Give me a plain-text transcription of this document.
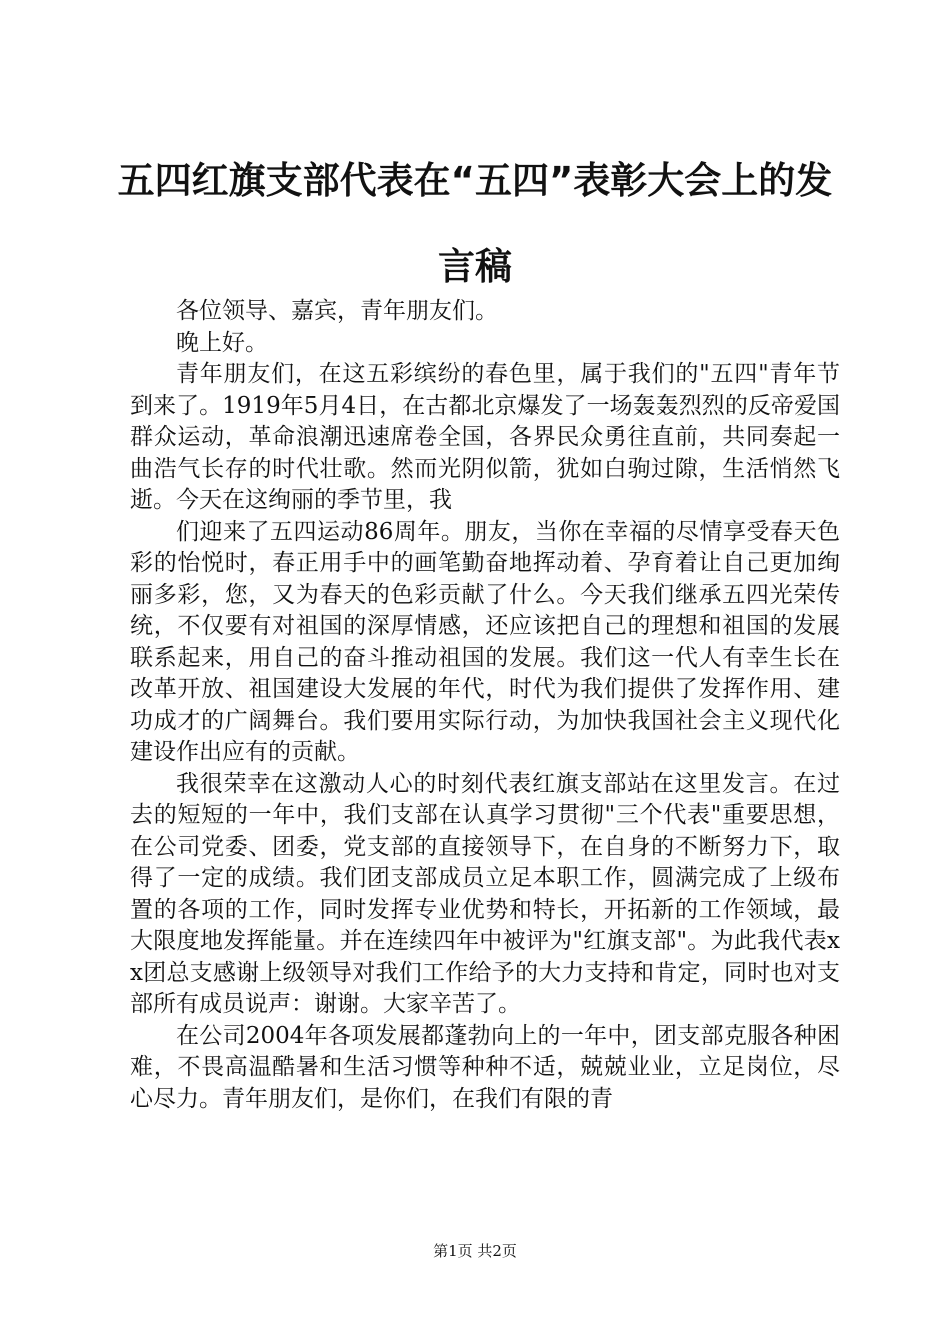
五四红旗支部代表在“五四”表彰大会上的发
言稿

各位领导、嘉宾，青年朋友们。

晚上好。

青年朋友们，在这五彩缤纷的春色里，属于我们的"五四"青年节到来了。1919年5月4日，在古都北京爆发了一场轰轰烈烈的反帝爱国群众运动，革命浪潮迅速席卷全国，各界民众勇往直前，共同奏起一曲浩气长存的时代壮歌。然而光阴似箭，犹如白驹过隙，生活悄然飞逝。今天在这绚丽的季节里，我

们迎来了五四运动86周年。朋友，当你在幸福的尽情享受春天色彩的怡悦时，春正用手中的画笔勤奋地挥动着、孕育着让自己更加绚丽多彩，您，又为春天的色彩贡献了什么。今天我们继承五四光荣传统，不仅要有对祖国的深厚情感，还应该把自己的理想和祖国的发展联系起来，用自己的奋斗推动祖国的发展。我们这一代人有幸生长在改革开放、祖国建设大发展的年代，时代为我们提供了发挥作用、建功成才的广阔舞台。我们要用实际行动，为加快我国社会主义现代化建设作出应有的贡献。

我很荣幸在这激动人心的时刻代表红旗支部站在这里发言。在过去的短短的一年中，我们支部在认真学习贯彻"三个代表"重要思想，在公司党委、团委，党支部的直接领导下，在自身的不断努力下，取得了一定的成绩。我们团支部成员立足本职工作，圆满完成了上级布置的各项的工作，同时发挥专业优势和特长，开拓新的工作领域，最大限度地发挥能量。并在连续四年中被评为"红旗支部"。为此我代表xx团总支感谢上级领导对我们工作给予的大力支持和肯定，同时也对支部所有成员说声：谢谢。大家辛苦了。

在公司2004年各项发展都蓬勃向上的一年中，团支部克服各种困难，不畏高温酷暑和生活习惯等种种不适，兢兢业业，立足岗位，尽心尽力。青年朋友们，是你们，在我们有限的青

第1页 共2页
